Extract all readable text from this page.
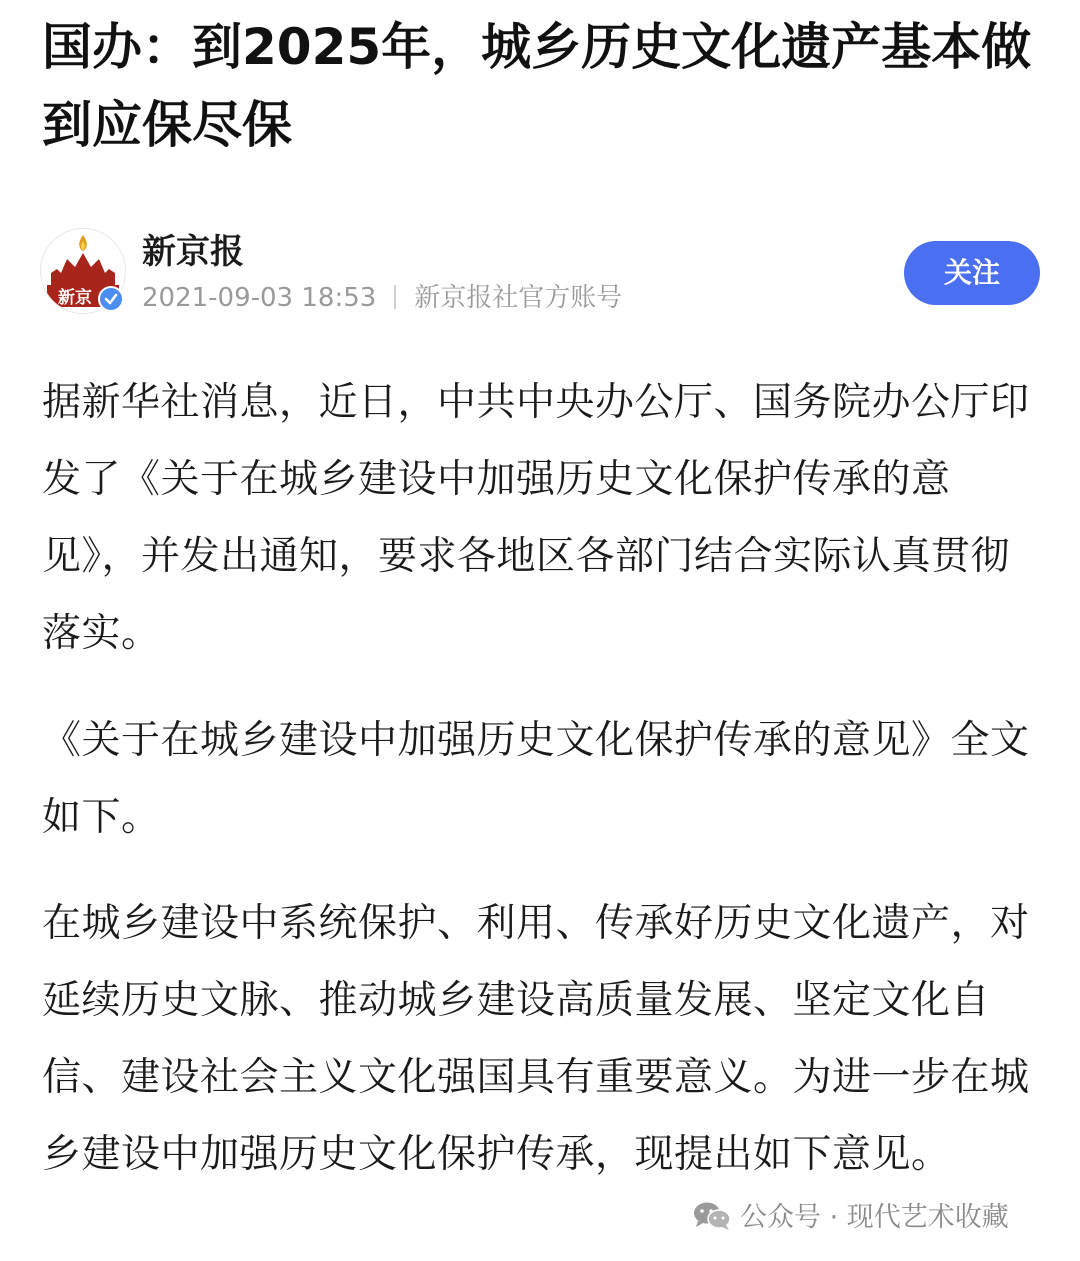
国办：到2025年，城乡历史文化遗产基本做到应保尽保
新京
新京报
2021-09-03 18:53 新京报社官方账号
关注

据新华社消息，近日，中共中央办公厅、国务院办公厅印发了《关于在城乡建设中加强历史文化保护传承的意见》，并发出通知，要求各地区各部门结合实际认真贯彻落实。

《关于在城乡建设中加强历史文化保护传承的意见》全文如下。

在城乡建设中系统保护、利用、传承好历史文化遗产，对延续历史文脉、推动城乡建设高质量发展、坚定文化自信、建设社会主义文化强国具有重要意义。为进一步在城乡建设中加强历史文化保护传承，现提出如下意见。

公众号 · 现代艺术收藏
